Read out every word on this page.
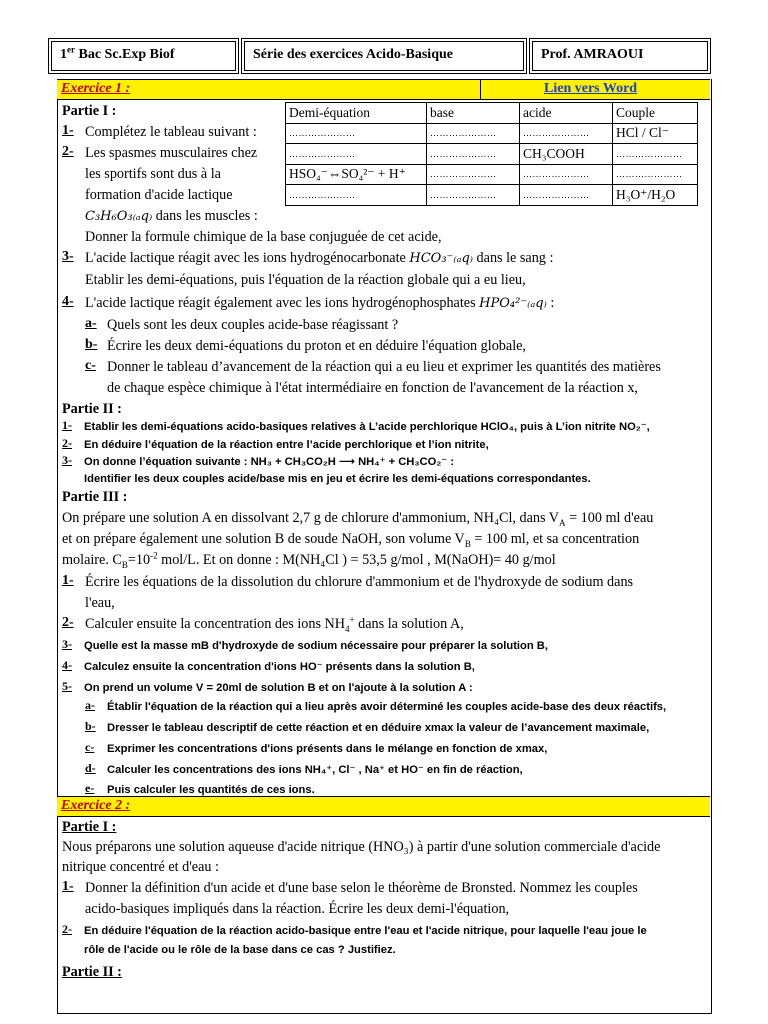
1er Bac Sc.Exp Biof	Série des exercices Acido-Basique	Prof. AMRAOUI
Exercice 1 :	Lien vers Word
Partie I :
1- Complétez le tableau suivant :
2- Les spasmes musculaires chez
les sportifs sont dus à la
formation d'acide lactique
C₃H₆O₃₍ₐq₎ dans les muscles :
Donner la formule chimique de la base conjuguée de cet acide,
Demi-équation	base	acide	Couple
…………………	…………………	…………………	HCl / Cl⁻
…………………	…………………	CH₃COOH	…………………
HSO₄⁻⇔SO₄²⁻ + H⁺	…………………	…………………	…………………
…………………	…………………	…………………	H₃O⁺/H₂O
3- L'acide lactique réagit avec les ions hydrogénocarbonate HCO₃⁻₍ₐq₎ dans le sang :
Etablir les demi-équations, puis l'équation de la réaction globale qui a eu lieu,
4- L'acide lactique réagit également avec les ions hydrogénophosphates HPO₄²⁻₍ₐq₎ :
a- Quels sont les deux couples acide-base réagissant ?
b- Écrire les deux demi-équations du proton et en déduire l'équation globale,
c- Donner le tableau d’avancement de la réaction qui a eu lieu et exprimer les quantités des matières
de chaque espèce chimique à l'état intermédiaire en fonction de l'avancement de la réaction x,
Partie II :
1- Etablir les demi-équations acido-basiques relatives à L’acide perchlorique HClO₄, puis à L’ion nitrite NO₂⁻,
2- En déduire l’équation de la réaction entre l’acide perchlorique et l’ion nitrite,
3- On donne l’équation suivante : NH₃ + CH₃CO₂H ⟶ NH₄⁺ + CH₃CO₂⁻ :
Identifier les deux couples acide/base mis en jeu et écrire les demi-équations correspondantes.
Partie III :
On prépare une solution A en dissolvant 2,7 g de chlorure d'ammonium, NH₄Cl, dans $V_A = 100$ ml d'eau
et on prépare également une solution B de soude NaOH, son volume $V_B = 100$ ml, et sa concentration
molaire. $C_B=10^{-2}$ mol/L. Et on donne : M(NH₄Cl ) = 53,5 g/mol , M(NaOH)= 40 g/mol
1- Écrire les équations de la dissolution du chlorure d'ammonium et de l'hydroxyde de sodium dans
l'eau,
2- Calculer ensuite la concentration des ions $NH_4^+$ dans la solution A,
3- Quelle est la masse mB d'hydroxyde de sodium nécessaire pour préparer la solution B,
4- Calculez ensuite la concentration d'ions HO⁻ présents dans la solution B,
5- On prend un volume V = 20ml de solution B et on l'ajoute à la solution A :
a- Établir l'équation de la réaction qui a lieu après avoir déterminé les couples acide-base des deux réactifs,
b- Dresser le tableau descriptif de cette réaction et en déduire xmax la valeur de l’avancement maximale,
c- Exprimer les concentrations d'ions présents dans le mélange en fonction de xmax,
d- Calculer les concentrations des ions NH₄⁺, Cl⁻ , Na⁺ et HO⁻ en fin de réaction,
e- Puis calculer les quantités de ces ions.
Exercice 2 :
Partie I :
Nous préparons une solution aqueuse d'acide nitrique (HNO₃) à partir d'une solution commerciale d'acide
nitrique concentré et d'eau :
1- Donner la définition d'un acide et d'une base selon le théorème de Bronsted. Nommez les couples
acido-basiques impliqués dans la réaction. Écrire les deux demi-l'équation,
2- En déduire l'équation de la réaction acido-basique entre l'eau et l'acide nitrique, pour laquelle l'eau joue le
rôle de l'acide ou le rôle de la base dans ce cas ? Justifiez.
Partie II :
